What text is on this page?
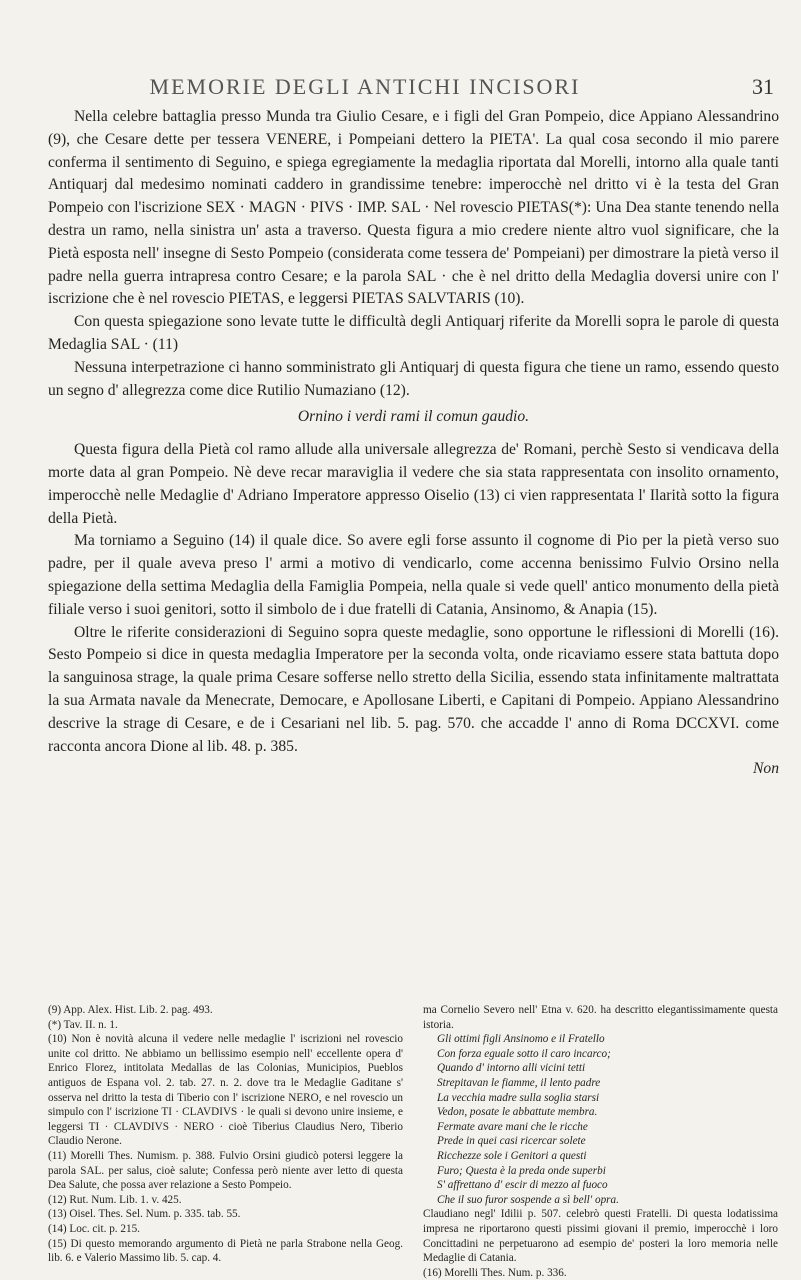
MEMORIE DEGLI ANTICHI INCISORI	31

Nella celebre battaglia presso Munda tra Giulio Cesare, e i figli del Gran Pompeio, dice Appiano Alessandrino (9), che Cesare dette per tessera VENERE, i Pompeiani dettero la PIETA'. La qual cosa secondo il mio parere conferma il sentimento di Seguino, e spiega egregiamente la medaglia riportata dal Morelli, intorno alla quale tanti Antiquarj dal medesimo nominati caddero in grandissime tenebre: imperocchè nel dritto vi è la testa del Gran Pompeio con l'iscrizione SEX · MAGN · PIVS · IMP. SAL · Nel rovescio PIETAS(*): Una Dea stante tenendo nella destra un ramo, nella sinistra un' asta a traverso. Questa figura a mio credere niente altro vuol significare, che la Pietà esposta nell' insegne di Sesto Pompeio (considerata come tessera de' Pompeiani) per dimostrare la pietà verso il padre nella guerra intrapresa contro Cesare; e la parola SAL · che è nel dritto della Medaglia doversi unire con l' iscrizione che è nel rovescio PIETAS, e leggersi PIETAS SALVTARIS (10).

Con questa spiegazione sono levate tutte le difficultà degli Antiquarj riferite da Morelli sopra le parole di questa Medaglia SAL · (11)

Nessuna interpetrazione ci hanno somministrato gli Antiquarj di questa figura che tiene un ramo, essendo questo un segno d' allegrezza come dice Rutilio Numaziano (12).

Ornino i verdi rami il comun gaudio.

Questa figura della Pietà col ramo allude alla universale allegrezza de' Romani, perchè Sesto si vendicava della morte data al gran Pompeio. Nè deve recar maraviglia il vedere che sia stata rappresentata con insolito ornamento, imperocchè nelle Medaglie d' Adriano Imperatore appresso Oiselio (13) ci vien rappresentata l' Ilarità sotto la figura della Pietà.

Ma torniamo a Seguino (14) il quale dice. So avere egli forse assunto il cognome di Pio per la pietà verso suo padre, per il quale aveva preso l' armi a motivo di vendicarlo, come accenna benissimo Fulvio Orsino nella spiegazione della settima Medaglia della Famiglia Pompeia, nella quale si vede quell' antico monumento della pietà filiale verso i suoi genitori, sotto il simbolo de i due fratelli di Catania, Ansinomo, & Anapia (15).

Oltre le riferite considerazioni di Seguino sopra queste medaglie, sono opportune le riflessioni di Morelli (16). Sesto Pompeio si dice in questa medaglia Imperatore per la seconda volta, onde ricaviamo essere stata battuta dopo la sanguinosa strage, la quale prima Cesare sofferse nello stretto della Sicilia, essendo stata infinitamente maltrattata la sua Armata navale da Menecrate, Democare, e Apollosane Liberti, e Capitani di Pompeio. Appiano Alessandrino descrive la strage di Cesare, e de i Cesariani nel lib. 5. pag. 570. che accadde l' anno di Roma DCCXVI. come racconta ancora Dione al lib. 48. p. 385.

Non

(9) App. Alex. Hist. Lib. 2. pag. 493.

(*) Tav. II. n. 1.

(10) Non è novità alcuna il vedere nelle medaglie l' iscrizioni nel rovescio unite col dritto. Ne abbiamo un bellissimo esempio nell' eccellente opera d' Enrico Florez, intitolata Medallas de las Colonias, Municipios, Pueblos antiguos de Espana vol. 2. tab. 27. n. 2. dove tra le Medaglie Gaditane s' osserva nel dritto la testa di Tiberio con l' iscrizione NERO, e nel rovescio un simpulo con l' iscrizione TI · CLAVDIVS · le quali si devono unire insieme, e leggersi TI · CLAVDIVS · NERO · cioè Tiberius Claudius Nero, Tiberio Claudio Nerone.

(11) Morelli Thes. Numism. p. 388. Fulvio Orsini giudicò potersi leggere la parola SAL. per salus, cioè salute; Confessa però niente aver letto di questa Dea Salute, che possa aver relazione a Sesto Pompeio.

(12) Rut. Num. Lib. 1. v. 425.

(13) Oisel. Thes. Sel. Num. p. 335. tab. 55.

(14) Loc. cit. p. 215.

(15) Di questo memorando argumento di Pietà ne parla Strabone nella Geog. lib. 6. e Valerio Massimo lib. 5. cap. 4.

ma Cornelio Severo nell' Etna v. 620. ha descritto elegantissimamente questa istoria.

Gli ottimi figli Ansinomo e il Fratello

Con forza eguale sotto il caro incarco;

Quando d' intorno alli vicini tetti

Strepitavan le fiamme, il lento padre

La vecchia madre sulla soglia starsi

Vedon, posate le abbattute membra.

Fermate avare mani che le ricche

Prede in quei casi ricercar solete

Ricchezze sole i Genitori a questi

Furo; Questa è la preda onde superbi

S' affrettano d' escir di mezzo al fuoco

Che il suo furor sospende a sì bell' opra.

Claudiano negl' Idilii p. 507. celebrò questi Fratelli. Di questa lodatissima impresa ne riportarono questi pissimi giovani il premio, imperocchè i loro Concittadini ne perpetuarono ad esempio de' posteri la loro memoria nelle Medaglie di Catania.

(16) Morelli Thes. Num. p. 336.
